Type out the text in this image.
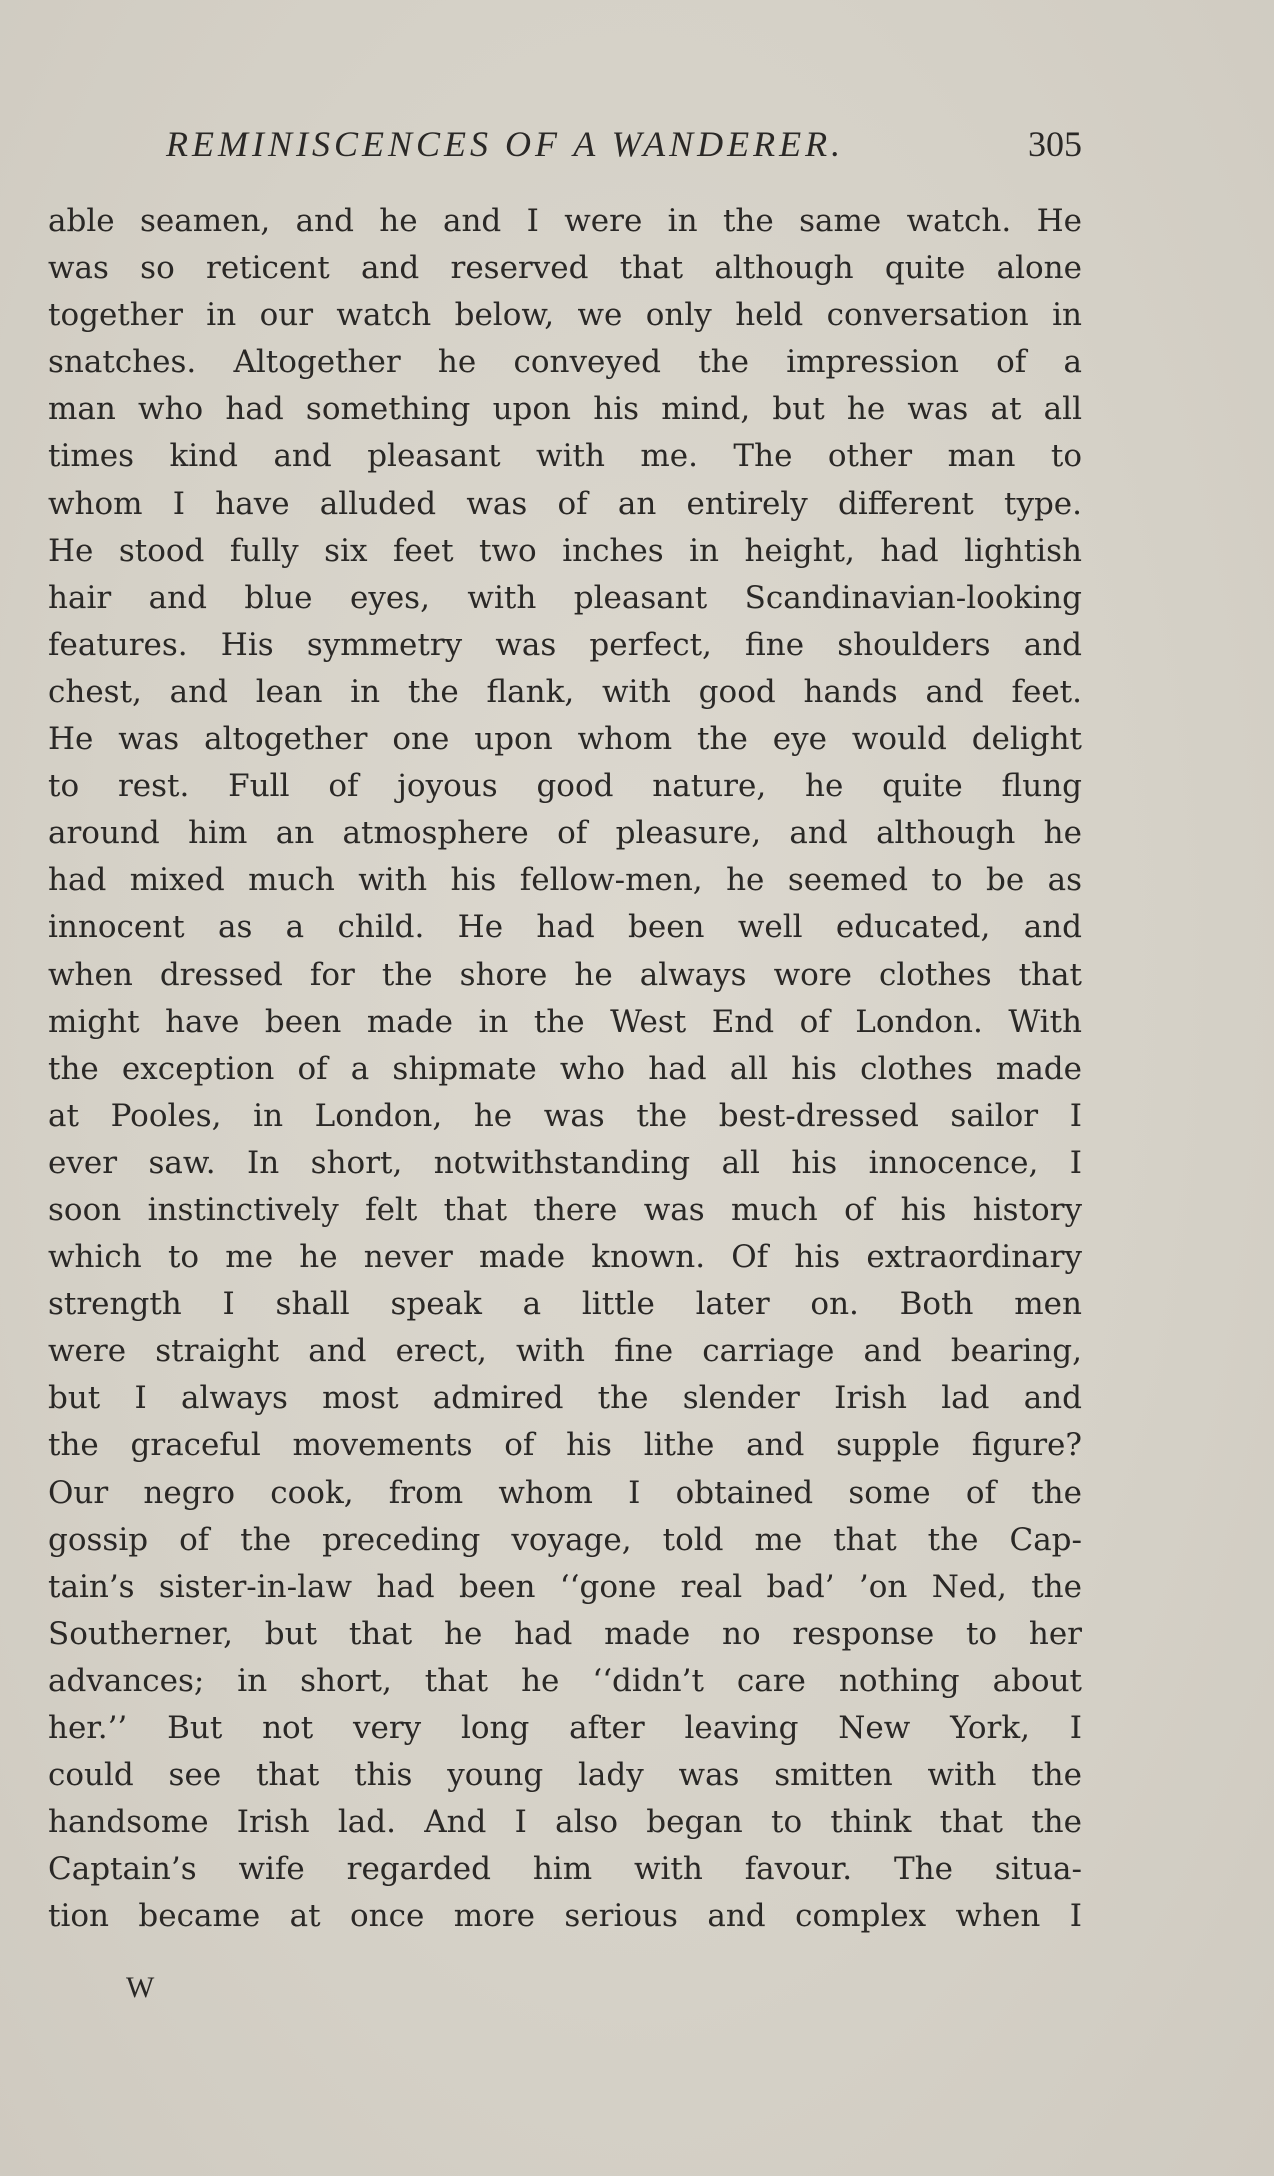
REMINISCENCES OF A WANDERER.	305
able seamen, and he and I were in the same watch. He
was so reticent and reserved that although quite alone
together in our watch below, we only held conversation in
snatches. Altogether he conveyed the impression of a
man who had something upon his mind, but he was at all
times kind and pleasant with me. The other man to
whom I have alluded was of an entirely different type.
He stood fully six feet two inches in height, had lightish
hair and blue eyes, with pleasant Scandinavian-looking
features. His symmetry was perfect, fine shoulders and
chest, and lean in the flank, with good hands and feet.
He was altogether one upon whom the eye would delight
to rest. Full of joyous good nature, he quite flung
around him an atmosphere of pleasure, and although he
had mixed much with his fellow-men, he seemed to be as
innocent as a child. He had been well educated, and
when dressed for the shore he always wore clothes that
might have been made in the West End of London. With
the exception of a shipmate who had all his clothes made
at Pooles, in London, he was the best-dressed sailor I
ever saw. In short, notwithstanding all his innocence, I
soon instinctively felt that there was much of his history
which to me he never made known. Of his extraordinary
strength I shall speak a little later on. Both men
were straight and erect, with fine carriage and bearing,
but I always most admired the slender Irish lad and
the graceful movements of his lithe and supple figure?
Our negro cook, from whom I obtained some of the
gossip of the preceding voyage, told me that the Cap-
tain’s sister-in-law had been ‘‘gone real bad’ ’on Ned, the
Southerner, but that he had made no response to her
advances; in short, that he ‘‘didn’t care nothing about
her.’’ But not very long after leaving New York, I
could see that this young lady was smitten with the
handsome Irish lad. And I also began to think that the
Captain’s wife regarded him with favour. The situa-
tion became at once more serious and complex when I
W
